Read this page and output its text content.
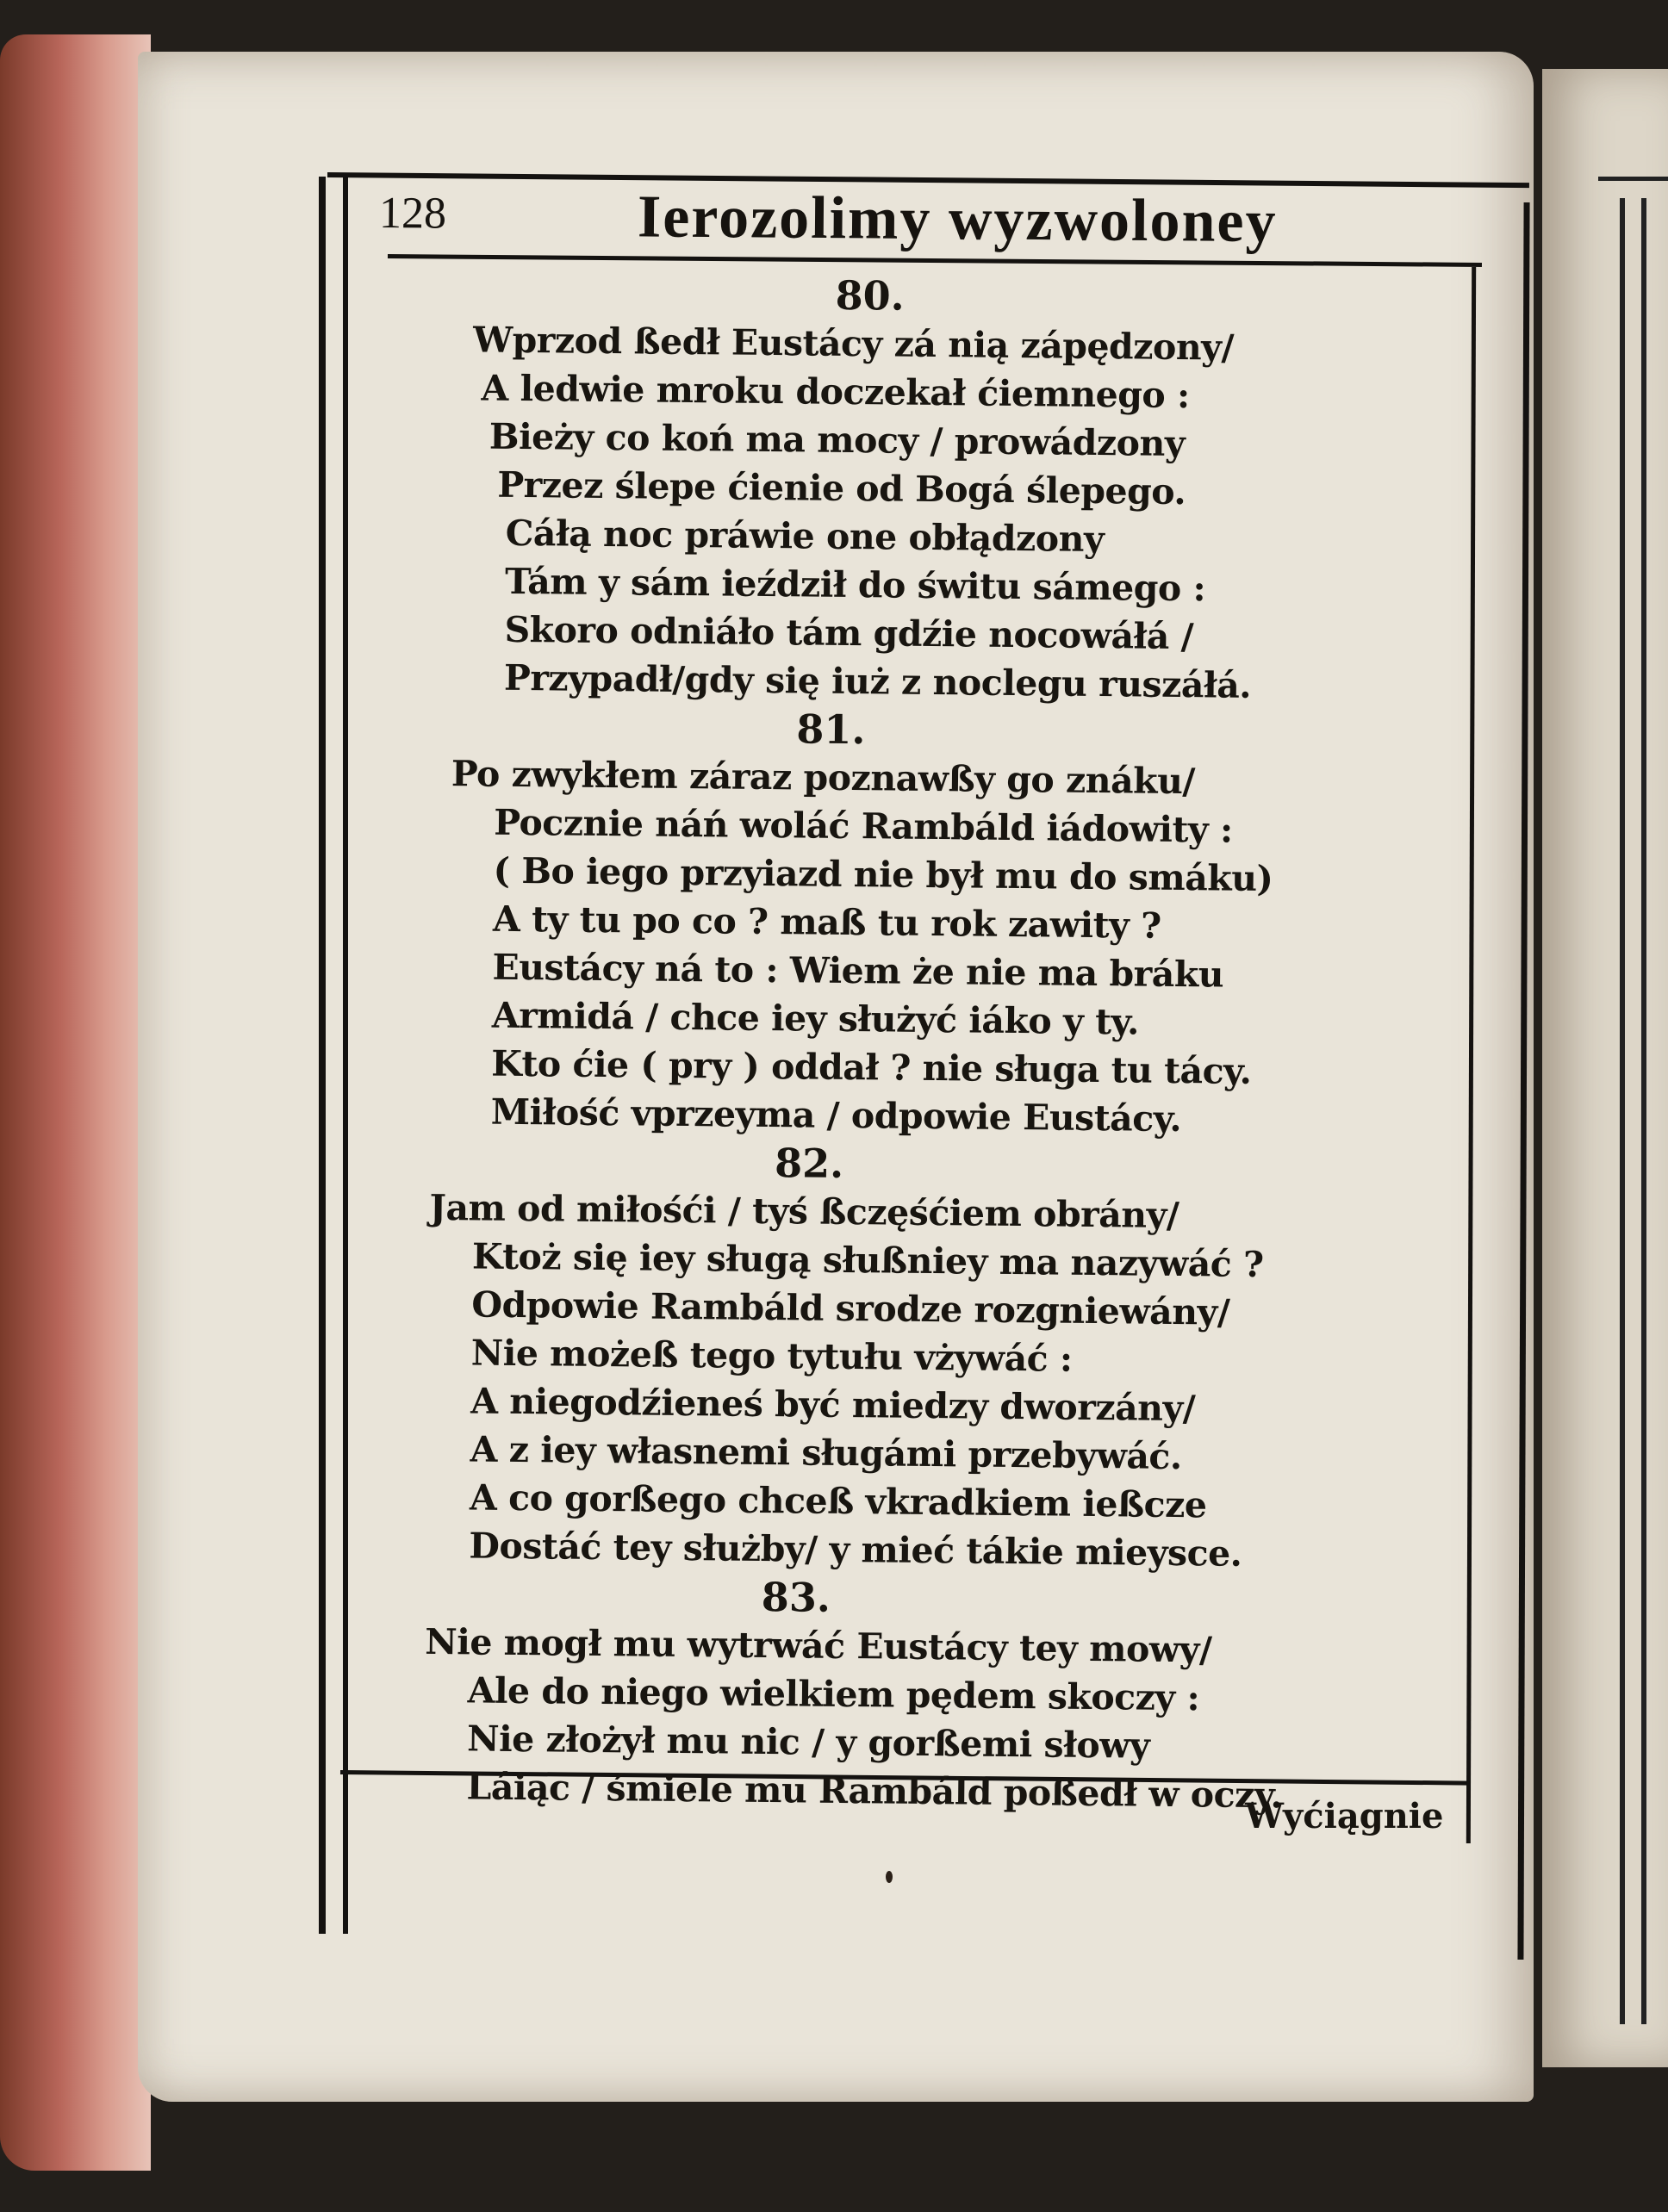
128	Ierozolimy wyzwoloney
80.
Wprzod ßedł Eustácy zá nią zápędzony/
A ledwie mroku doczekał ćiemnego :
Bieży co koń ma mocy / prowádzony
Przez ślepe ćienie od Bogá ślepego.
Cáłą noc práwie one obłądzony
Tám y sám ieździł do świtu sámego :
Skoro odniáło tám gdźie nocowáłá /
Przypadł/gdy się iuż z noclegu ruszáłá.
81.
Po zwykłem záraz poznawßy go znáku/
Pocznie náń woláć Rambáld iádowity :
( Bo iego przyiazd nie był mu do smáku)
A ty tu po co ? maß tu rok zawity ?
Eustácy ná to : Wiem że nie ma bráku
Armidá / chce iey służyć iáko y ty.
Kto ćie ( pry ) oddał ? nie sługa tu tácy.
Miłość vprzeyma / odpowie Eustácy.
82.
Jam od miłośći / tyś ßczęśćiem obrány/
Ktoż się iey sługą słußniey ma nazywáć ?
Odpowie Rambáld srodze rozgniewány/
Nie możeß tego tytułu vżywáć :
A niegodźieneś być miedzy dworzány/
A z iey własnemi sługámi przebywáć.
A co gorßego chceß vkradkiem ießcze
Dostáć tey służby/ y mieć tákie mieysce.
83.
Nie mogł mu wytrwáć Eustácy tey mowy/
Ale do niego wielkiem pędem skoczy :
Nie złożył mu nic / y gorßemi słowy
Láiąc / śmiele mu Rambáld poßedł w oczy.
Wyćiągnie
